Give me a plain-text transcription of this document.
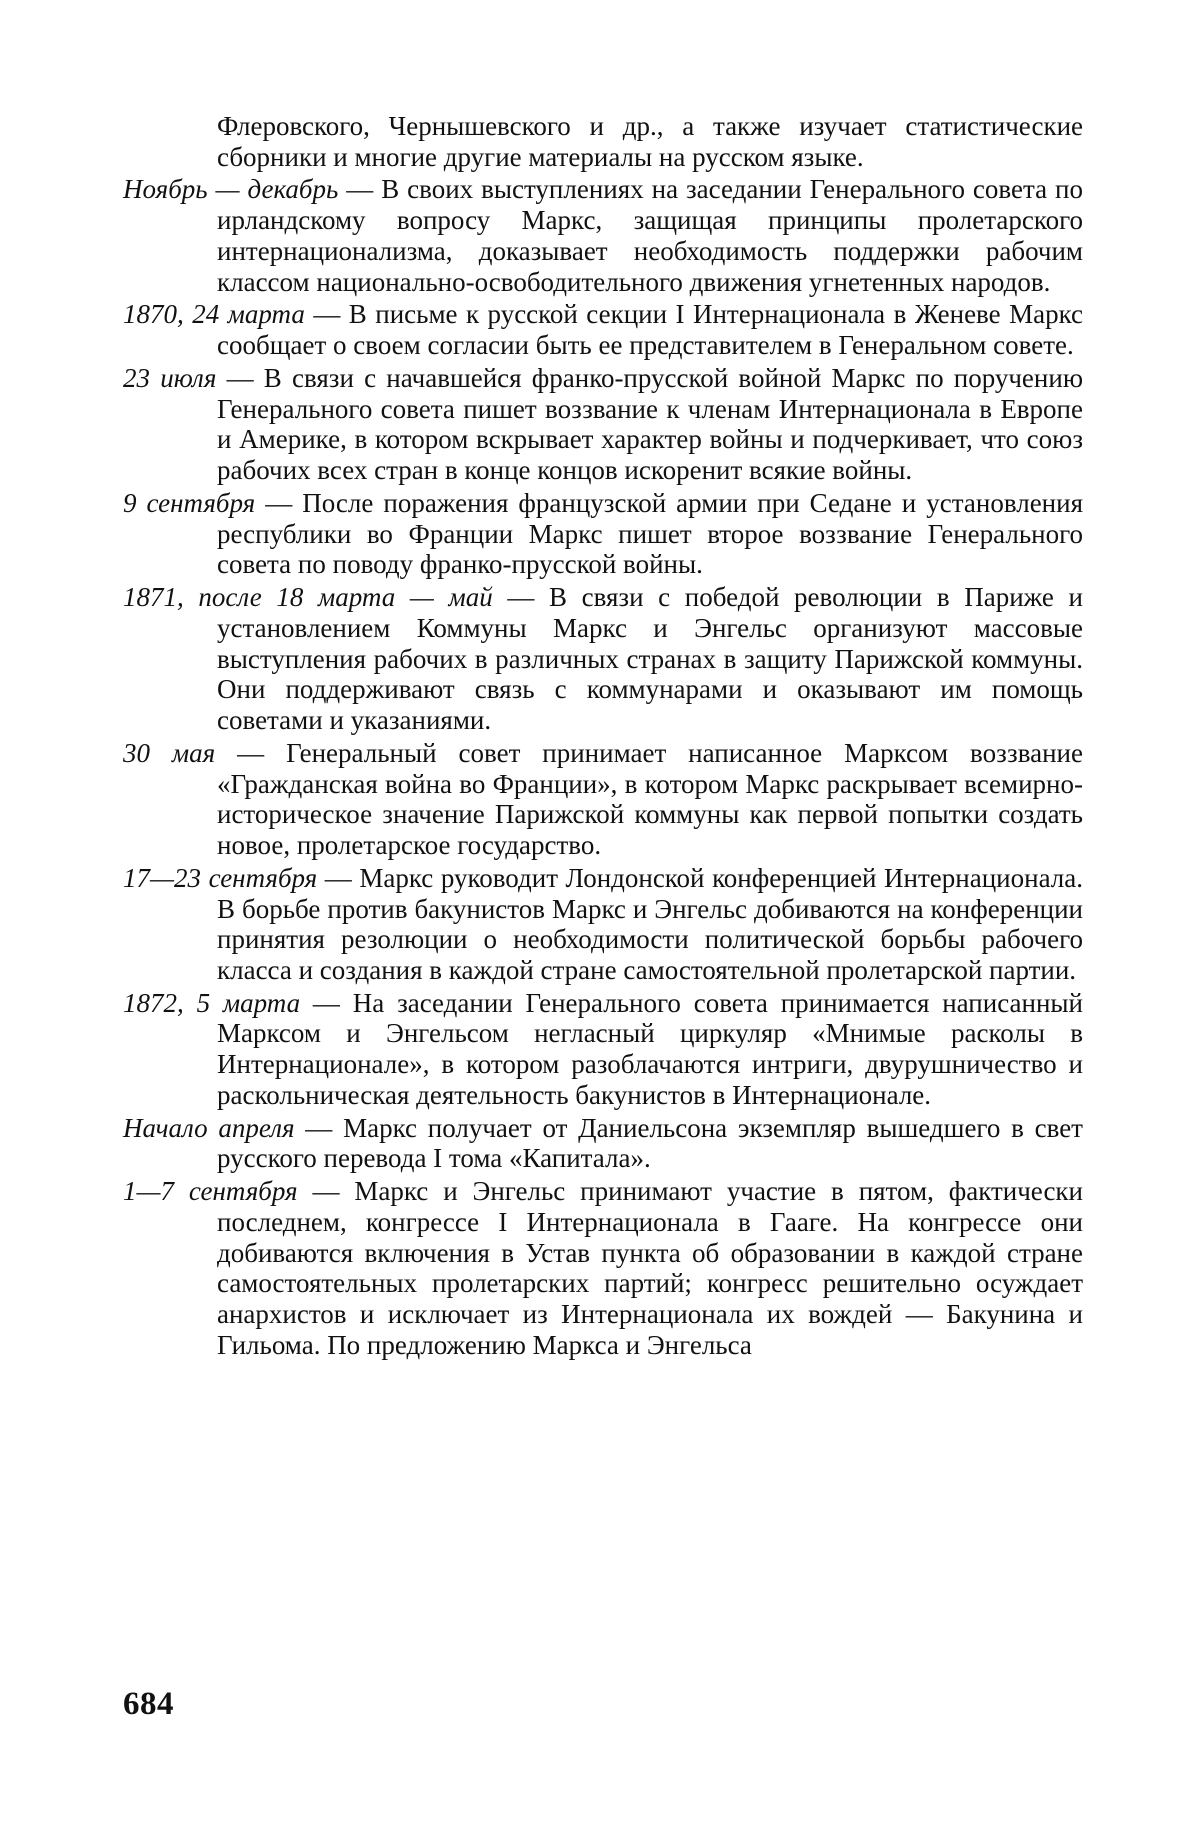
Флеровского, Чернышевского и др., а также изучает статистические сборники и многие другие материалы на русском языке.

Ноябрь — декабрь — В своих выступлениях на заседании Генерального совета по ирландскому вопросу Маркс, защищая принципы пролетарского интернационализма, доказывает необходимость поддержки рабочим классом национально-освободительного движения угнетенных народов.

1870, 24 марта — В письме к русской секции I Интернационала в Женеве Маркс сообщает о своем согласии быть ее представителем в Генеральном совете.

23 июля — В связи с начавшейся франко-прусской войной Маркс по поручению Генерального совета пишет воззвание к членам Интернационала в Европе и Америке, в котором вскрывает характер войны и подчеркивает, что союз рабочих всех стран в конце концов искоренит всякие войны.

9 сентября — После поражения французской армии при Седане и установления республики во Франции Маркс пишет второе воззвание Генерального совета по поводу франко-прусской войны.

1871, после 18 марта — май — В связи с победой революции в Париже и установлением Коммуны Маркс и Энгельс организуют массовые выступления рабочих в различных странах в защиту Парижской коммуны. Они поддерживают связь с коммунарами и оказывают им помощь советами и указаниями.

30 мая — Генеральный совет принимает написанное Марксом воззвание «Гражданская война во Франции», в котором Маркс раскрывает всемирно-историческое значение Парижской коммуны как первой попытки создать новое, пролетарское государство.

17—23 сентября — Маркс руководит Лондонской конференцией Интернационала. В борьбе против бакунистов Маркс и Энгельс добиваются на конференции принятия резолюции о необходимости политической борьбы рабочего класса и создания в каждой стране самостоятельной пролетарской партии.

1872, 5 марта — На заседании Генерального совета принимается написанный Марксом и Энгельсом негласный циркуляр «Мнимые расколы в Интернационале», в котором разоблачаются интриги, двурушничество и раскольническая деятельность бакунистов в Интернационале.

Начало апреля — Маркс получает от Даниельсона экземпляр вышедшего в свет русского перевода I тома «Капитала».

1—7 сентября — Маркс и Энгельс принимают участие в пятом, фактически последнем, конгрессе I Интернационала в Гааге. На конгрессе они добиваются включения в Устав пункта об образовании в каждой стране самостоятельных пролетарских партий; конгресс решительно осуждает анархистов и исключает из Интернационала их вождей — Бакунина и Гильома. По предложению Маркса и Энгельса

684
